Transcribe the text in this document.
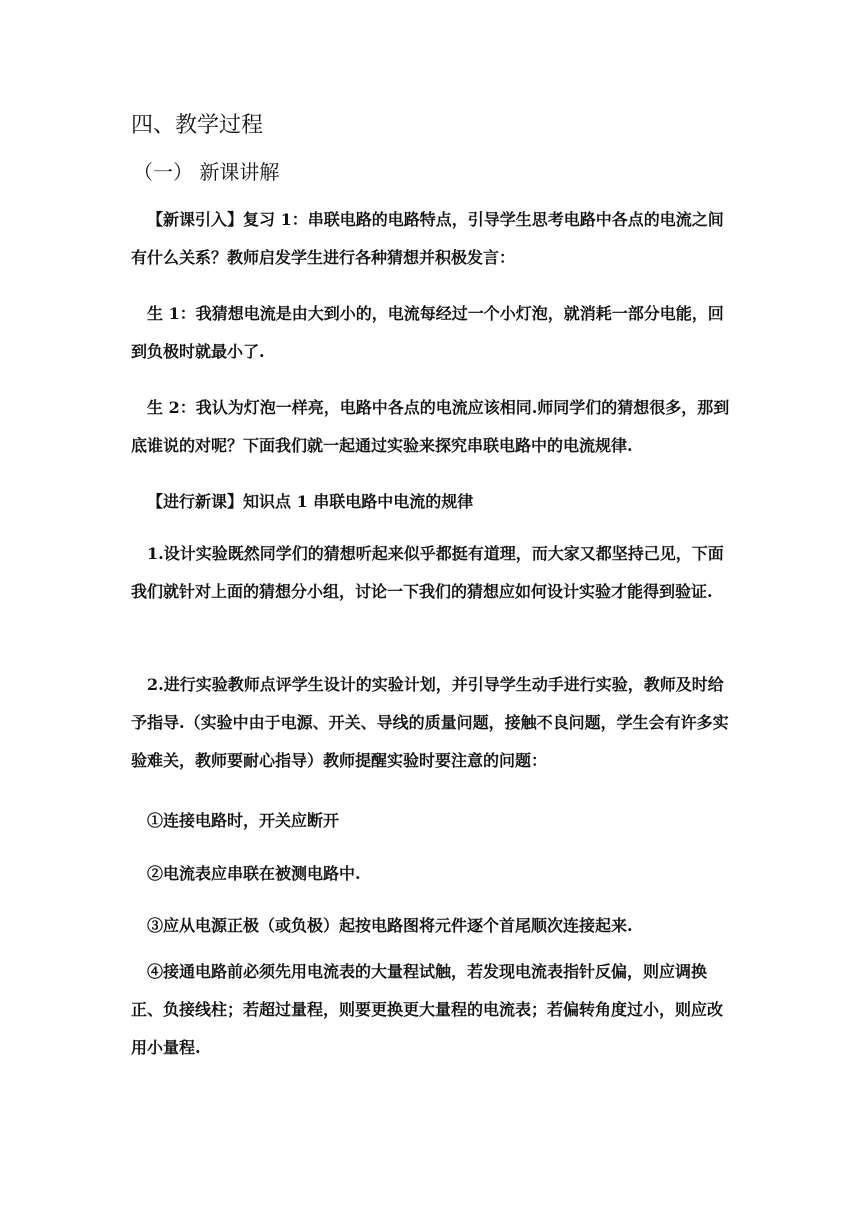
四、教学过程
（一） 新课讲解

【新课引入】复习 1：串联电路的电路特点，引导学生思考电路中各点的电流之间有什么关系？教师启发学生进行各种猜想并积极发言：

生 1：我猜想电流是由大到小的，电流每经过一个小灯泡，就消耗一部分电能，回到负极时就最小了.

生 2：我认为灯泡一样亮，电路中各点的电流应该相同.师同学们的猜想很多，那到底谁说的对呢？下面我们就一起通过实验来探究串联电路中的电流规律.

【进行新课】知识点 1 串联电路中电流的规律

1.设计实验既然同学们的猜想听起来似乎都挺有道理，而大家又都坚持己见，下面我们就针对上面的猜想分小组，讨论一下我们的猜想应如何设计实验才能得到验证.

2.进行实验教师点评学生设计的实验计划，并引导学生动手进行实验，教师及时给予指导.（实验中由于电源、开关、导线的质量问题，接触不良问题，学生会有许多实验难关，教师要耐心指导）教师提醒实验时要注意的问题：

①连接电路时，开关应断开

②电流表应串联在被测电路中.

③应从电源正极（或负极）起按电路图将元件逐个首尾顺次连接起来.

④接通电路前必须先用电流表的大量程试触，若发现电流表指针反偏，则应调换正、负接线柱；若超过量程，则要更换更大量程的电流表；若偏转角度过小，则应改用小量程.
